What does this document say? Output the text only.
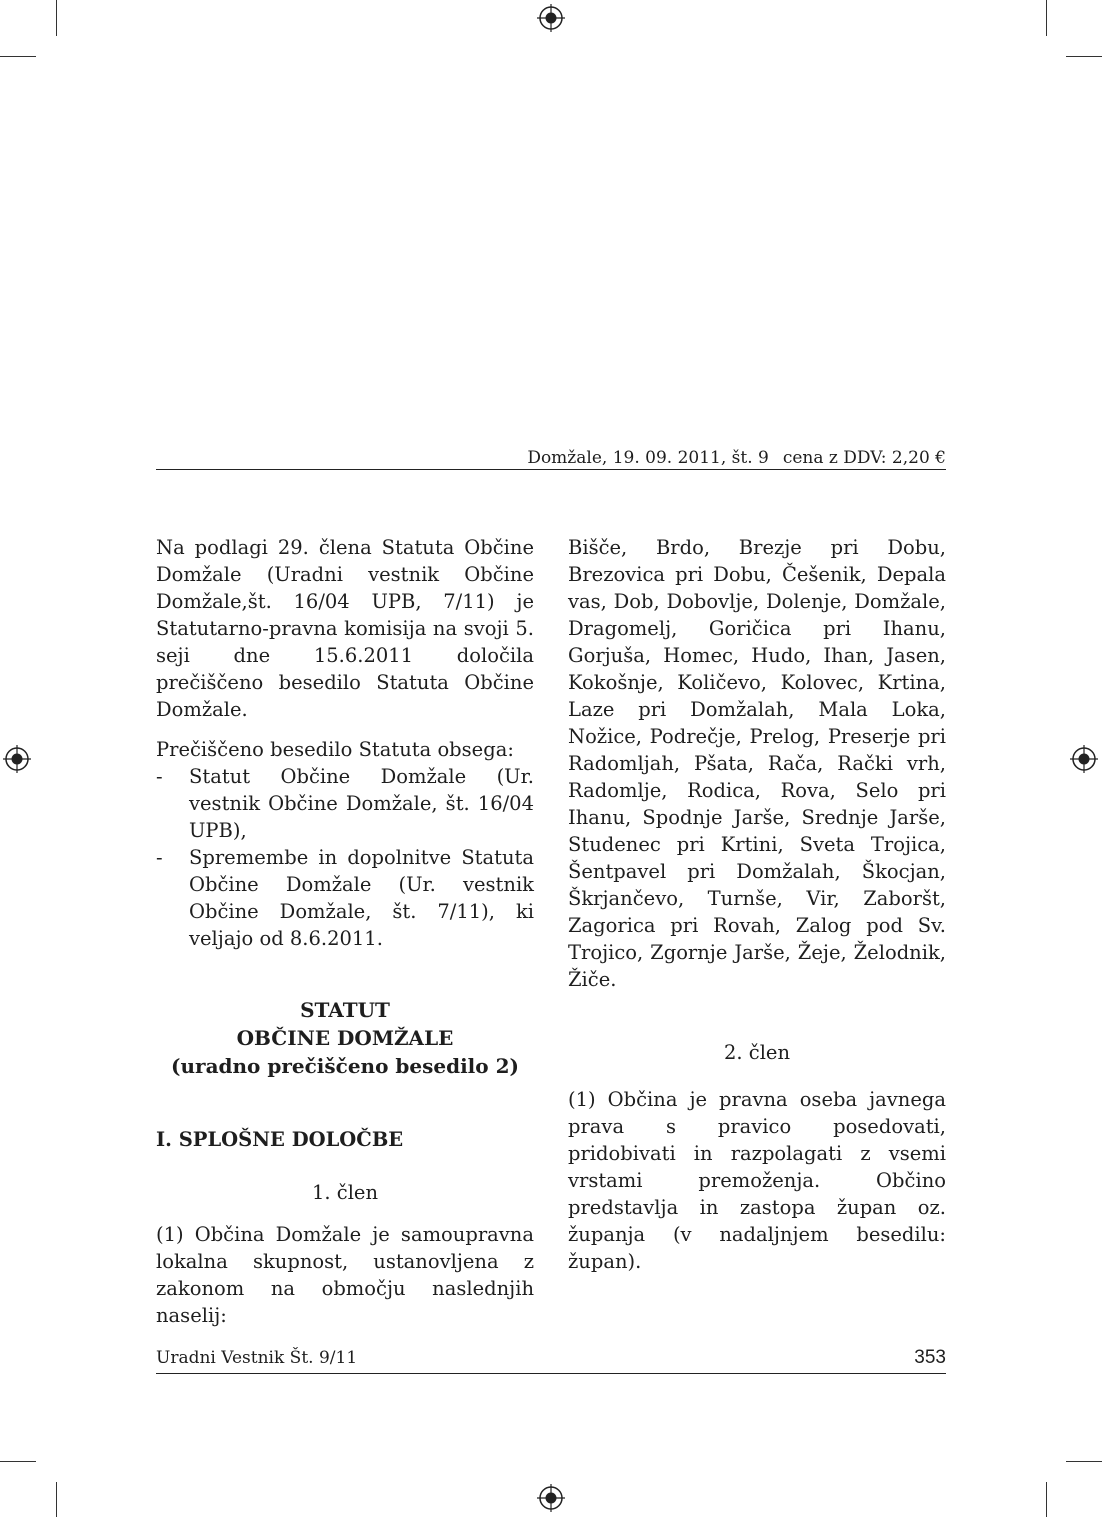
Domžale, 19. 09. 2011, št. 9 cena z DDV: 2,20 €

Na podlagi 29. člena Statuta Občine Domžale (Uradni vestnik Občine Domžale,št. 16/04 UPB, 7/11) je Statutarno-pravna komisija na svoji 5. seji dne 15.6.2011 določila prečiščeno besedilo Statuta Občine Domžale.

Prečiščeno besedilo Statuta obsega:

- Statut Občine Domžale (Ur. vestnik Občine Domžale, št. 16/04 UPB),
- Spremembe in dopolnitve Statuta Občine Domžale (Ur. vestnik Občine Domžale, št. 7/11), ki veljajo od 8.6.2011.
STATUT
OBČINE DOMŽALE
(uradno prečiščeno besedilo 2)
I. SPLOŠNE DOLOČBE
1. člen

(1) Občina Domžale je samoupravna lokalna skupnost, ustanovljena z zakonom na območju naslednjih naselij:

Bišče, Brdo, Brezje pri Dobu, Brezovica pri Dobu, Češenik, Depala vas, Dob, Dobovlje, Dolenje, Domžale, Dragomelj, Goričica pri Ihanu, Gorjuša, Homec, Hudo, Ihan, Jasen, Kokošnje, Količevo, Kolovec, Krtina, Laze pri Domžalah, Mala Loka, Nožice, Podrečje, Prelog, Preserje pri Radomljah, Pšata, Rača, Rački vrh, Radomlje, Rodica, Rova, Selo pri Ihanu, Spodnje Jarše, Srednje Jarše, Studenec pri Krtini, Sveta Trojica, Šentpavel pri Domžalah, Škocjan, Škrjančevo, Turnše, Vir, Zaboršt, Zagorica pri Rovah, Zalog pod Sv. Trojico, Zgornje Jarše, Žeje, Želodnik, Žiče.

2. člen

(1) Občina je pravna oseba javnega prava s pravico posedovati, pridobivati in razpolagati z vsemi vrstami premoženja. Občino predstavlja in zastopa župan oz. županja (v nadaljnjem besedilu: župan).

Uradni Vestnik Št. 9/11	353
